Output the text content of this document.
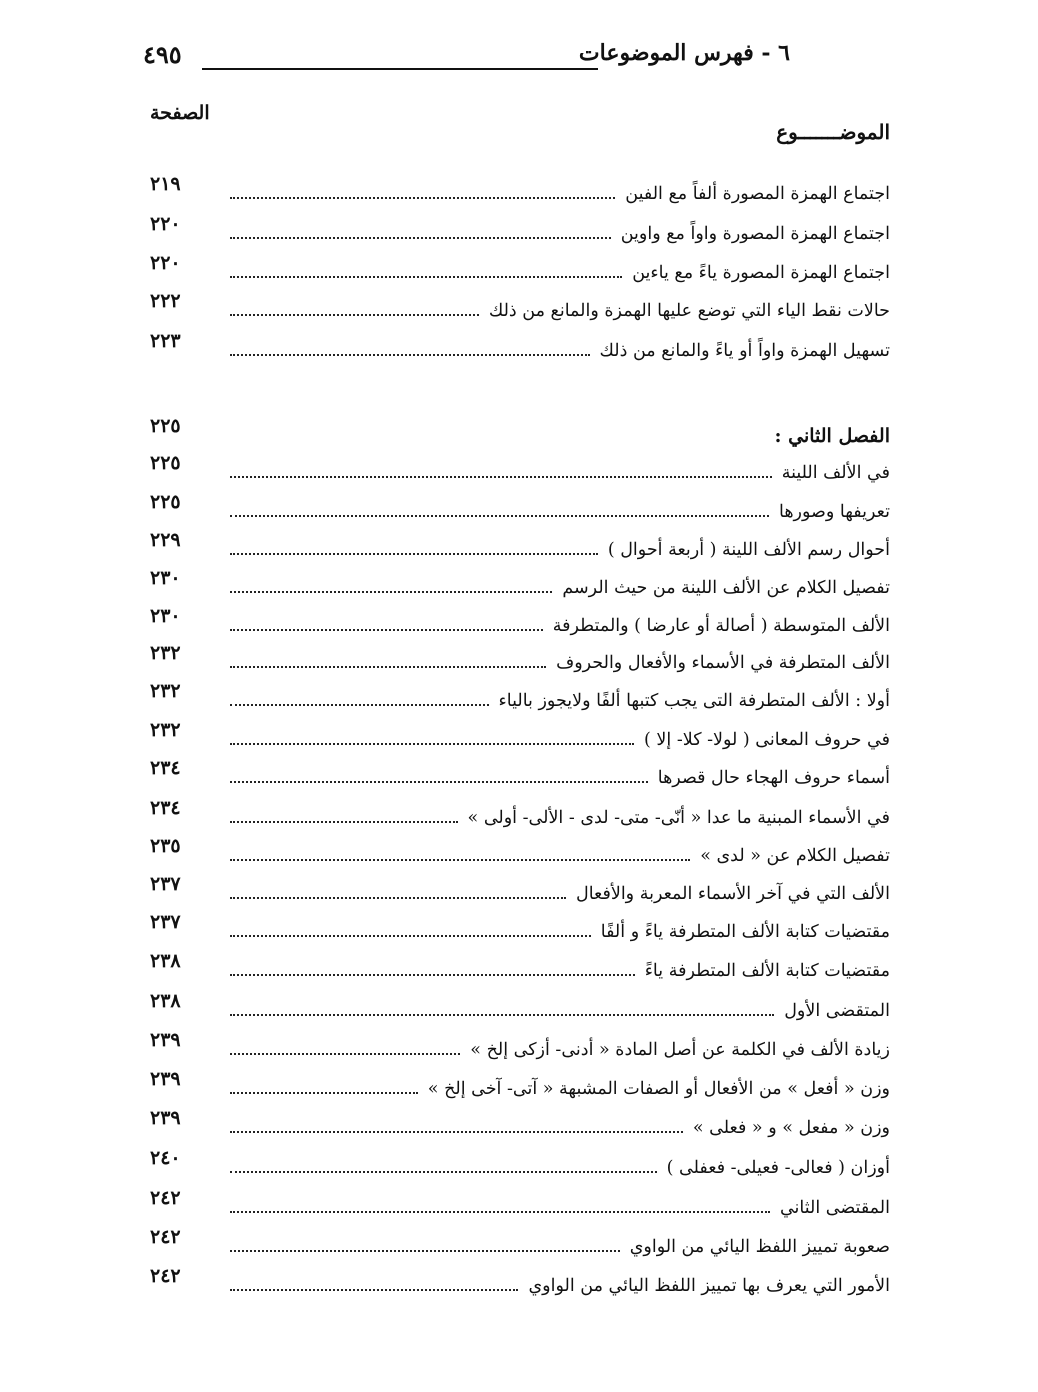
٦ - فهرس الموضوعات
٤٩٥
الصفحة
الموضـــــــوع
اجتماع الهمزة المصورة ألفاً مع الفين
٢١٩
اجتماع الهمزة المصورة واواً مع واوين
٢٢٠
اجتماع الهمزة المصورة ياءً مع ياءين
٢٢٠
حالات نقط الياء التي توضع عليها الهمزة والمانع من ذلك
٢٢٢
تسهيل الهمزة واواً أو ياءً والمانع من ذلك
٢٢٣
الفصل الثاني :
٢٢٥
في الألف اللينة
٢٢٥
تعريفها وصورها
٢٢٥
أحوال رسم الألف اللينة ( أربعة أحوال )
٢٢٩
تفصيل الكلام عن الألف اللينة من حيث الرسم
٢٣٠
الألف المتوسطة ( أصالة أو عارضا ) والمتطرفة
٢٣٠
الألف المتطرفة في الأسماء والأفعال والحروف
٢٣٢
أولا : الألف المتطرفة التى يجب كتبها ألفًا ولايجوز بالياء
٢٣٢
في حروف المعانى ( لولا- كلا- إلا )
٢٣٢
أسماء حروف الهجاء حال قصرها
٢٣٤
في الأسماء المبنية ما عدا « أنّى- متى- لدى - الألى- أولى »
٢٣٤
تفصيل الكلام عن « لدى »
٢٣٥
الألف التي في آخر الأسماء المعربة والأفعال
٢٣٧
مقتضيات كتابة الألف المتطرفة ياءً و ألفًا
٢٣٧
مقتضيات كتابة الألف المتطرفة ياءً
٢٣٨
المتقضى الأول
٢٣٨
زيادة الألف في الكلمة عن أصل المادة « أدنى- أزكى إلخ »
٢٣٩
وزن « أفعل » من الأفعال أو الصفات المشبهة « آتى- آخى إلخ »
٢٣٩
وزن « مفعل » و « فعلى »
٢٣٩
أوزان ( فعالى- فعيلى- فعفلى )
٢٤٠
المقتضى الثاني
٢٤٢
صعوبة تمييز اللفظ اليائي من الواوي
٢٤٢
الأمور التي يعرف بها تمييز اللفظ اليائي من الواوي
٢٤٢
